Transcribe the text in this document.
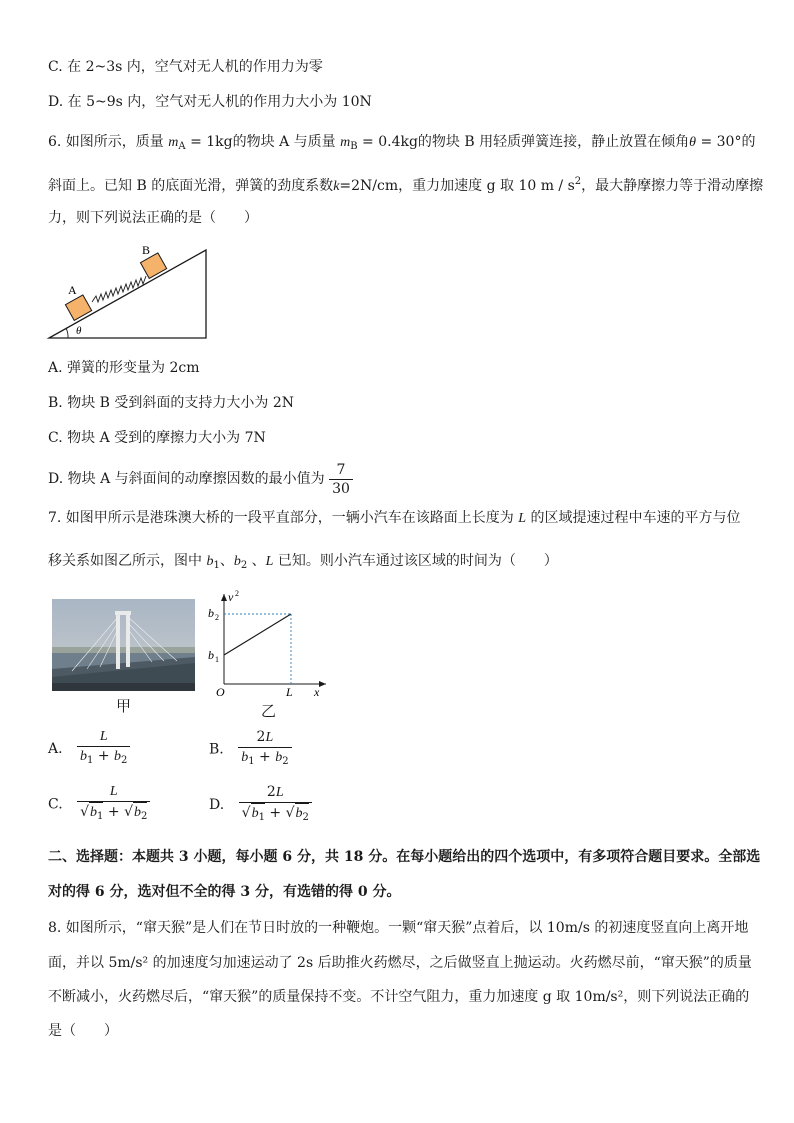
C. 在 2~3s 内，空气对无人机的作用力为零
D. 在 5~9s 内，空气对无人机的作用力大小为 10N
6. 如图所示，质量 $m_A = 1kg$的物块 A 与质量 $m_B = 0.4kg$的物块 B 用轻质弹簧连接，静止放置在倾角θ = 30°的
斜面上。已知 B 的底面光滑，弹簧的劲度系数k=2N/cm，重力加速度 g 取 10 m / $s^2$，最大静摩擦力等于滑动摩擦
力，则下列说法正确的是（　　）
A
B
θ
A. 弹簧的形变量为 2cm
B. 物块 B 受到斜面的支持力大小为 2N
C. 物块 A 受到的摩擦力大小为 7N
D. 物块 A 与斜面间的动摩擦因数的最小值为 $\frac{7}{30}$
7. 如图甲所示是港珠澳大桥的一段平直部分，一辆小汽车在该路面上长度为 L 的区域提速过程中车速的平方与位
移关系如图乙所示，图中 $b_1$、$b_2$ 、L 已知。则小汽车通过该区域的时间为（　　）
甲
v 2
b 2
b 1
O	L x
乙
A. $\frac{L}{b_1 + b_2}$	B. $\frac{2L}{b_1 + b_2}$
C. $\frac{L}{√b_1 + √b_2}$	D. $\frac{2L}{√b_1 + √b_2}$
二、选择题：本题共 3 小题，每小题 6 分，共 18 分。在每小题给出的四个选项中，有多项符合题目要求。全部选
对的得 6 分，选对但不全的得 3 分，有选错的得 0 分。
8. 如图所示，“窜天猴”是人们在节日时放的一种鞭炮。一颗“窜天猴”点着后，以 10m/s 的初速度竖直向上离开地
面，并以 5m/s² 的加速度匀加速运动了 2s 后助推火药燃尽，之后做竖直上抛运动。火药燃尽前，“窜天猴”的质量
不断减小，火药燃尽后，“窜天猴”的质量保持不变。不计空气阻力，重力加速度 g 取 10m/s²，则下列说法正确的
是（　　）
